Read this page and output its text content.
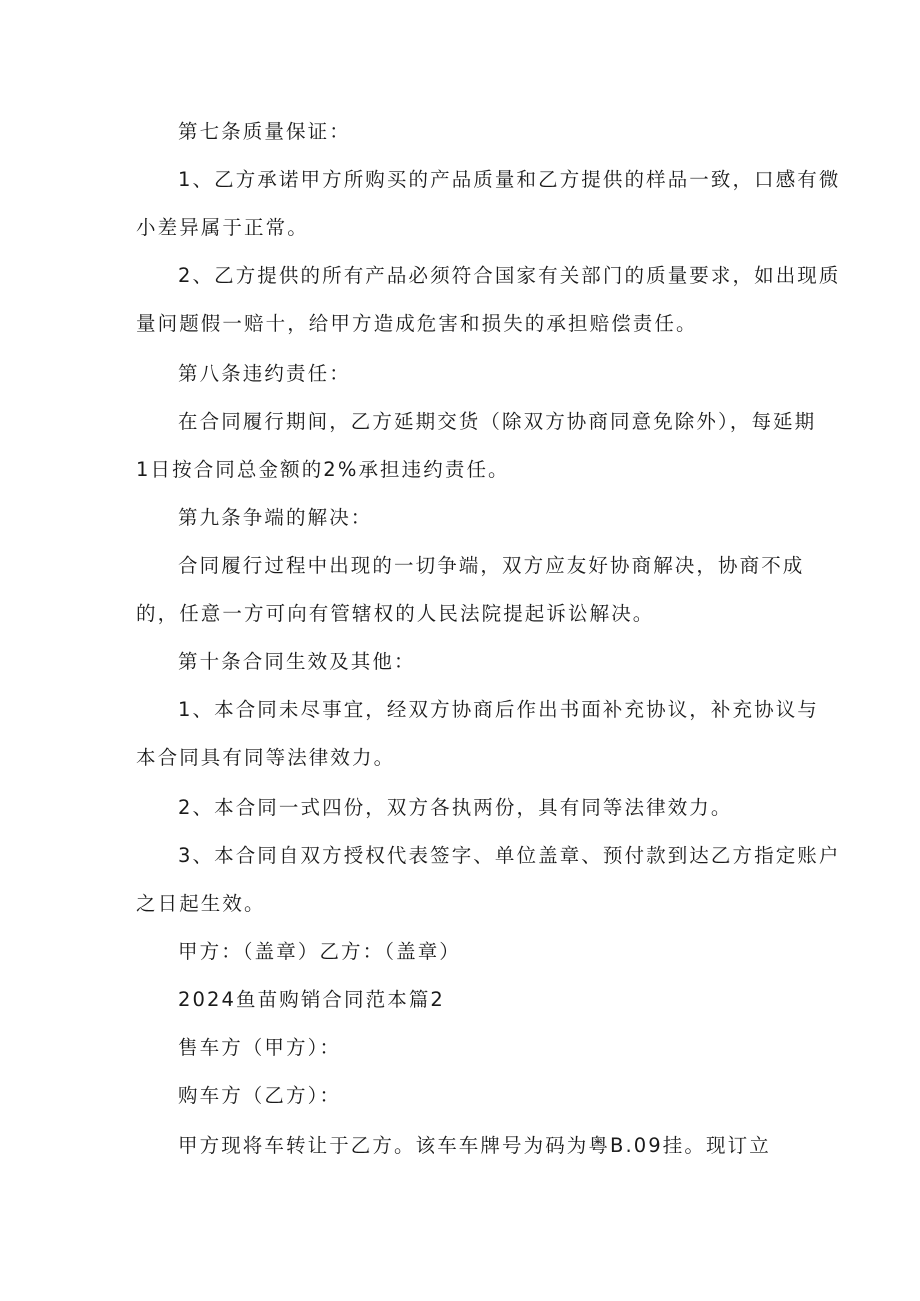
第七条质量保证：
1、乙方承诺甲方所购买的产品质量和乙方提供的样品一致，口感有微
小差异属于正常。
2、乙方提供的所有产品必须符合国家有关部门的质量要求，如出现质
量问题假一赔十，给甲方造成危害和损失的承担赔偿责任。
第八条违约责任：
在合同履行期间，乙方延期交货（除双方协商同意免除外），每延期
1日按合同总金额的2%承担违约责任。
第九条争端的解决：
合同履行过程中出现的一切争端，双方应友好协商解决，协商不成
的，任意一方可向有管辖权的人民法院提起诉讼解决。
第十条合同生效及其他：
1、本合同未尽事宜，经双方协商后作出书面补充协议，补充协议与
本合同具有同等法律效力。
2、本合同一式四份，双方各执两份，具有同等法律效力。
3、本合同自双方授权代表签字、单位盖章、预付款到达乙方指定账户
之日起生效。
甲方：（盖章）乙方：（盖章）
2024鱼苗购销合同范本篇2
售车方（甲方）：
购车方（乙方）：
甲方现将车转让于乙方。该车车牌号为码为粤B.09挂。现订立
